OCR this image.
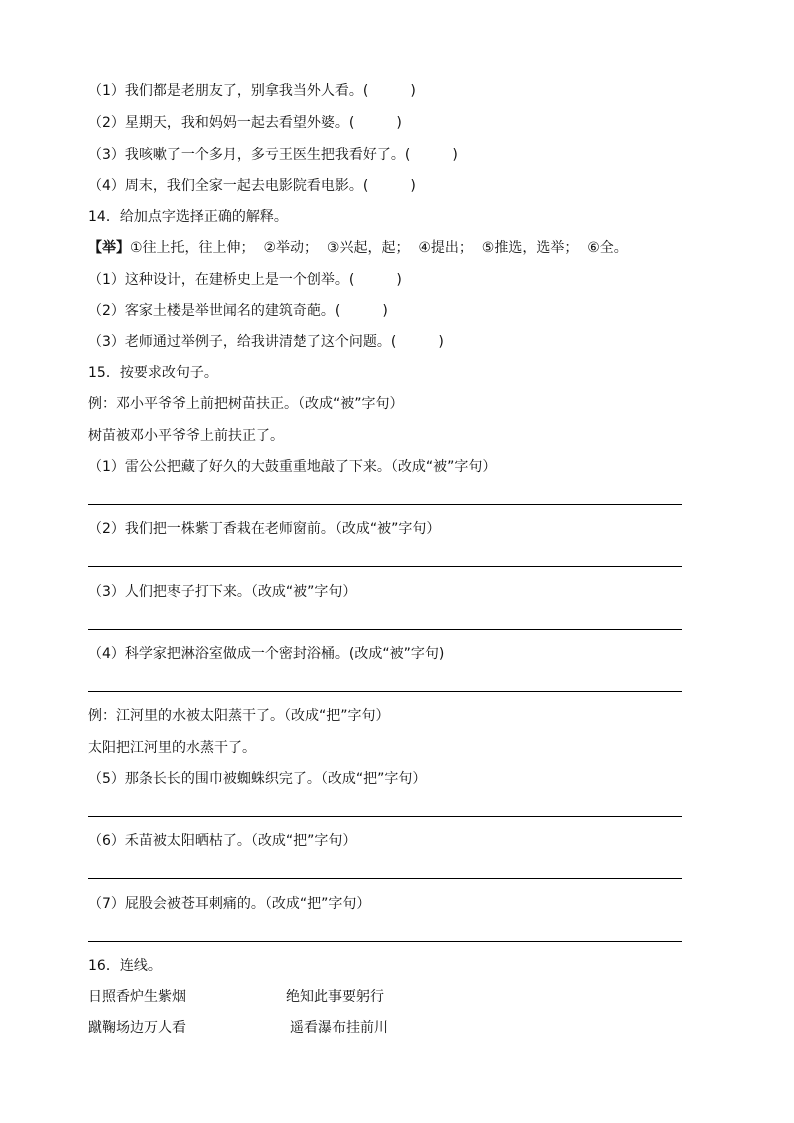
（1）我们都是老朋友了，别拿我当外人看。(　　　)
（2）星期天，我和妈妈一起去看望外婆。(　　　)
（3）我咳嗽了一个多月，多亏王医生把我看好了。(　　　)
（4）周末，我们全家一起去电影院看电影。(　　　)
14．给加点字选择正确的解释。
【举】①往上托，往上伸；  ②举动；  ③兴起，起；  ④提出；  ⑤推选，选举；  ⑥全。
（1）这种设计，在建桥史上是一个创举。(　　　)
（2）客家土楼是举世闻名的建筑奇葩。(　　　)
（3）老师通过举例子，给我讲清楚了这个问题。(　　　)
15．按要求改句子。
例：邓小平爷爷上前把树苗扶正。（改成“被”字句）
树苗被邓小平爷爷上前扶正了。
（1）雷公公把藏了好久的大鼓重重地敲了下来。（改成“被”字句）
（2）我们把一株紫丁香栽在老师窗前。（改成“被”字句）
（3）人们把枣子打下来。（改成“被”字句）
（4）科学家把淋浴室做成一个密封浴桶。(改成“被”字句)
例：江河里的水被太阳蒸干了。（改成“把”字句）
太阳把江河里的水蒸干了。
（5）那条长长的围巾被蜘蛛织完了。（改成“把”字句）
（6）禾苗被太阳晒枯了。（改成“把”字句）
（7）屁股会被苍耳刺痛的。（改成“把”字句）
16．连线。
日照香炉生紫烟	绝知此事要躬行
蹴鞠场边万人看	遥看瀑布挂前川
